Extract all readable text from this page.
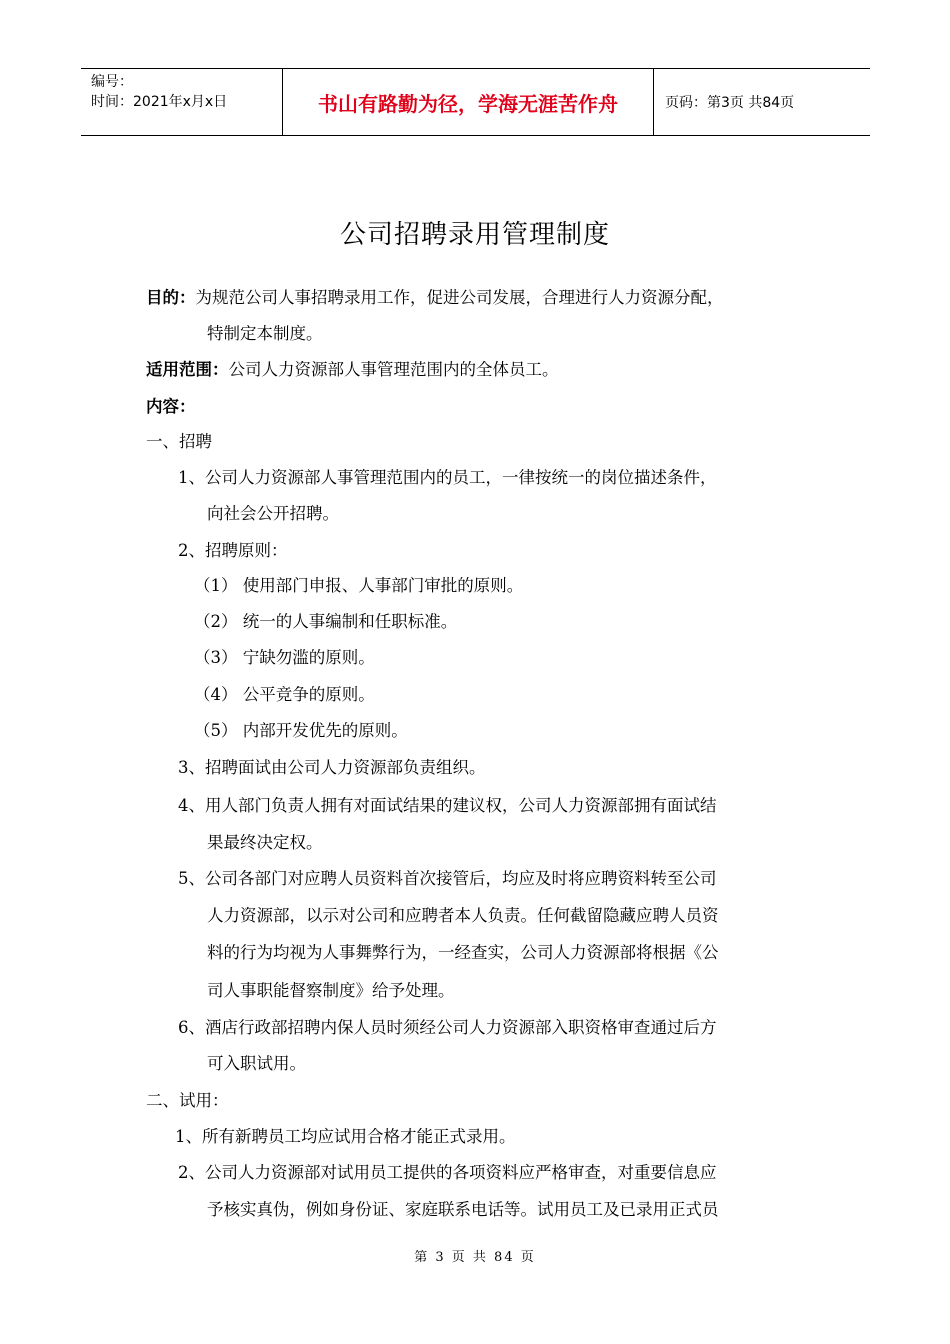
编号：
时间：2021年x月x日	书山有路勤为径，学海无涯苦作舟	页码：第3页 共84页
公司招聘录用管理制度
目的：为规范公司人事招聘录用工作，促进公司发展，合理进行人力资源分配，
特制定本制度。
适用范围：公司人力资源部人事管理范围内的全体员工。
内容：
一、招聘
1、公司人力资源部人事管理范围内的员工，一律按统一的岗位描述条件，
向社会公开招聘。
2、招聘原则：
（1） 使用部门申报、人事部门审批的原则。
（2） 统一的人事编制和任职标准。
（3） 宁缺勿滥的原则。
（4） 公平竞争的原则。
（5） 内部开发优先的原则。
3、招聘面试由公司人力资源部负责组织。
4、用人部门负责人拥有对面试结果的建议权，公司人力资源部拥有面试结
果最终决定权。
5、公司各部门对应聘人员资料首次接管后，均应及时将应聘资料转至公司
人力资源部，以示对公司和应聘者本人负责。任何截留隐藏应聘人员资
料的行为均视为人事舞弊行为，一经查实，公司人力资源部将根据《公
司人事职能督察制度》给予处理。
6、酒店行政部招聘内保人员时须经公司人力资源部入职资格审查通过后方
可入职试用。
二、试用：
1、所有新聘员工均应试用合格才能正式录用。
2、公司人力资源部对试用员工提供的各项资料应严格审查，对重要信息应
予核实真伪，例如身份证、家庭联系电话等。试用员工及已录用正式员
第 3 页 共 84 页
